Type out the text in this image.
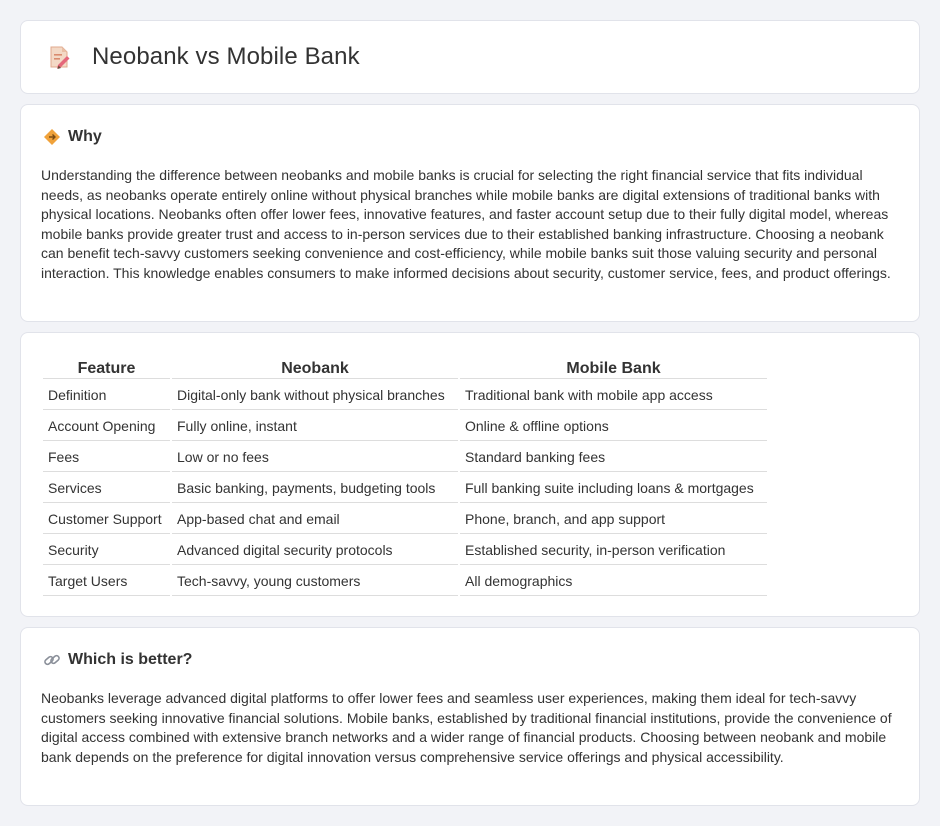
Neobank vs Mobile Bank
Why

Understanding the difference between neobanks and mobile banks is crucial for selecting the right financial service that fits individual needs, as neobanks operate entirely online without physical branches while mobile banks are digital extensions of traditional banks with physical locations. Neobanks often offer lower fees, innovative features, and faster account setup due to their fully digital model, whereas mobile banks provide greater trust and access to in-person services due to their established banking infrastructure. Choosing a neobank can benefit tech-savvy customers seeking convenience and cost-efficiency, while mobile banks suit those valuing security and personal interaction. This knowledge enables consumers to make informed decisions about security, customer service, fees, and product offerings.

Feature	Neobank	Mobile Bank
Definition	Digital-only bank without physical branches	Traditional bank with mobile app access
Account Opening	Fully online, instant	Online & offline options
Fees	Low or no fees	Standard banking fees
Services	Basic banking, payments, budgeting tools	Full banking suite including loans & mortgages
Customer Support	App-based chat and email	Phone, branch, and app support
Security	Advanced digital security protocols	Established security, in-person verification
Target Users	Tech-savvy, young customers	All demographics
Which is better?

Neobanks leverage advanced digital platforms to offer lower fees and seamless user experiences, making them ideal for tech-savvy customers seeking innovative financial solutions. Mobile banks, established by traditional financial institutions, provide the convenience of digital access combined with extensive branch networks and a wider range of financial products. Choosing between neobank and mobile bank depends on the preference for digital innovation versus comprehensive service offerings and physical accessibility.
